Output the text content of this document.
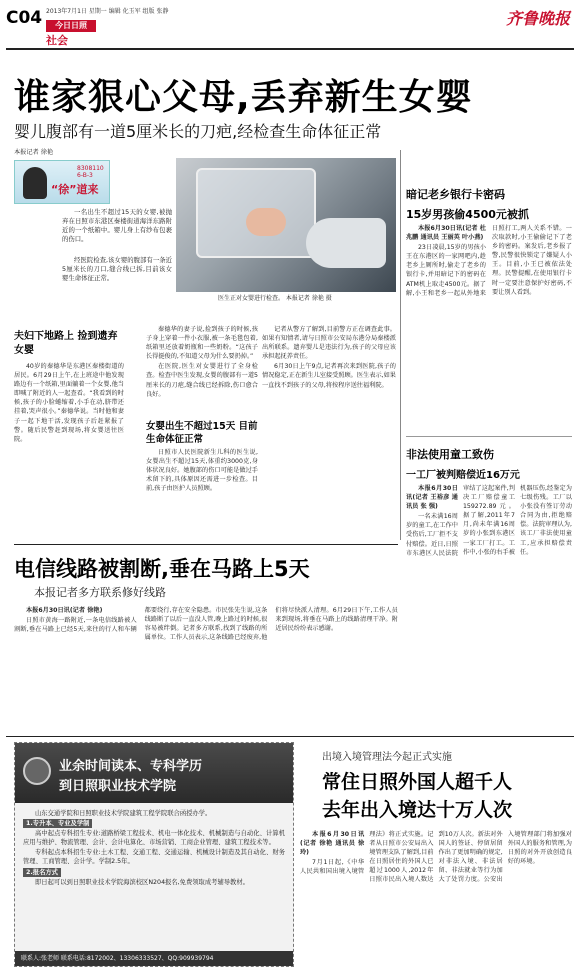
C04	今日日照
2013年7月1日 星期一 编辑 化玉军 组版 张静
社会
齐鲁晚报
谁家狠心父母,丢弃新生女婴
婴儿腹部有一道5厘米长的刀疤,经检查生命体征正常
本报记者 徐艳
“徐”道来
8308110 6-B-3

一名出生不超过15天的女婴,被抛弃在日照市东港区秦楼街道海洋东路附近的一个纸箱中。婴儿身上有纱布包裹的伤口。

经医院检查,该女婴的腹部有一条近5厘米长的刀口,缝合线已拆,目前该女婴生命体征正常。

医生正对女婴进行检查。 本报记者 徐艳 摄
夫妇下地路上 捡到遗弃女婴

40岁的秦德华是东港区秦楼街道的居民。6月29日上午,在上班途中他发现路边有一个纸箱,里面躺着一个女婴,他当即喊了附近的人一起查看。“我看到的时候,孩子的小脸蜷缩着,小手在动,脐带还挂着,哭声很小。”秦德华说。当时他和妻子一起下地干活,发现孩子后赶紧报了警。随后民警赶到现场,将女婴送往医院。

秦德华的妻子说,捡到孩子的时候,孩子身上穿着一件小衣服,被一条毛毯包着,纸箱里还放着奶瓶和一些奶粉。“这孩子长得挺俊的,不知道父母为什么要扔掉。”

在医院,医生对女婴进行了全身检查。检查中医生发现,女婴的腹部有一道5厘米长的刀疤,缝合线已经拆除,伤口愈合良好。

女婴出生不超过15天 目前生命体征正常

日照市人民医院新生儿科的医生说,女婴出生不超过15天,体重约3000克,身体状况良好。她腹部的伤口可能是做过手术留下的,具体原因还需进一步检查。目前,孩子由医护人员照顾。

记者从警方了解到,目前警方正在调查此事。如果有知情者,请与日照市公安局东港分局秦楼派出所联系。遗弃婴儿是违法行为,孩子的父母应该承担起抚养责任。

6月30日上午9点,记者再次来到医院,孩子的情况稳定,正在新生儿室接受照顾。医生表示,如果一直找不到孩子的父母,将按程序送往福利院。

暗记老乡银行卡密码
15岁男孩偷4500元被抓

本报6月30日讯(记者 杜兆鹏 通讯员 王丽英 叶小燕)

23日凌晨,15岁的男孩小王在东港区的一家网吧内,趁老乡上厕所时,偷走了老乡的银行卡,并用暗记下的密码在ATM机上取走4500元。据了解,小王和老乡一起从外地来日照打工,两人关系不错。一次取款时,小王偷偷记下了老乡的密码。案发后,老乡报了警,民警很快锁定了嫌疑人小王。目前,小王已被依法处理。民警提醒,在使用银行卡时一定要注意保护好密码,不要让别人看到。

非法使用童工致伤
一工厂被判赔偿近16万元

本报6月30日讯(记者 王裕彦 通讯员 张 强)

一名未满16周岁的童工,在工作中受伤后,工厂拒不支付赔偿。近日,日照市东港区人民法院审结了这起案件,判决工厂赔偿童工159272.89元。据了解,2011年7月,尚未年满16周岁的小张到东港区一家工厂打工。工作中,小张的右手被机器压伤,经鉴定为七级伤残。工厂以小张没有签订劳动合同为由,拒绝赔偿。法院审理认为,该工厂非法使用童工,应承担赔偿责任。

电信线路被割断,垂在马路上5天
本报记者多方联系修好线路

本报6月30日讯(记者 徐艳)

日照市黄海一路附近,一条电信线路被人割断,垂在马路上已经5天,来往的行人和车辆都要绕行,存在安全隐患。市民张先生说,这条线路断了以后一直没人管,晚上路过的时候,很容易被绊倒。记者多方联系,找到了线路的所属单位。工作人员表示,这条线路已经废弃,他们将尽快派人清理。6月29日下午,工作人员来到现场,将垂在马路上的线路清理干净。附近居民纷纷表示感谢。

业余时间读本、专科学历
到日照职业技术学院

山东交通学院和日照职业技术学院建筑工程学院联合函授办学。

1.专升本、专业及学制

高中起点专科招生专业:道路桥梁工程技术、机电一体化技术、机械制造与自动化、计算机应用与维护、物流管理、会计、会计电算化、市场营销、工商企业管理、建筑工程技术等。

专科起点本科招生专业:土木工程、交通工程、交通运输、机械设计制造及其自动化、财务管理、工商管理、会计学。学制2.5年。

2.报名方式

即日起可以到日照职业技术学院海滨校区N204报名,免费领取成考辅导教材。

联系人:张老师 联系电话:8172002、13306333527、QQ:909939794
出境入境管理法今起正式实施
常住日照外国人超千人
去年出入境达十万人次

本报6月30日讯(记者 徐艳 通讯员 徐玲)

7月1日起,《中华人民共和国出境入境管理法》将正式实施。记者从日照市公安局出入境管理支队了解到,目前在日照居住的外国人已超过1000人,2012年日照市民出入境人数达到10万人次。新法对外国人的签证、停留居留作出了更加明确的规定,对非法入境、非法居留、非法就业等行为加大了处罚力度。公安出入境管理部门将加强对外国人的服务和管理,为日照的对外开放创造良好的环境。
